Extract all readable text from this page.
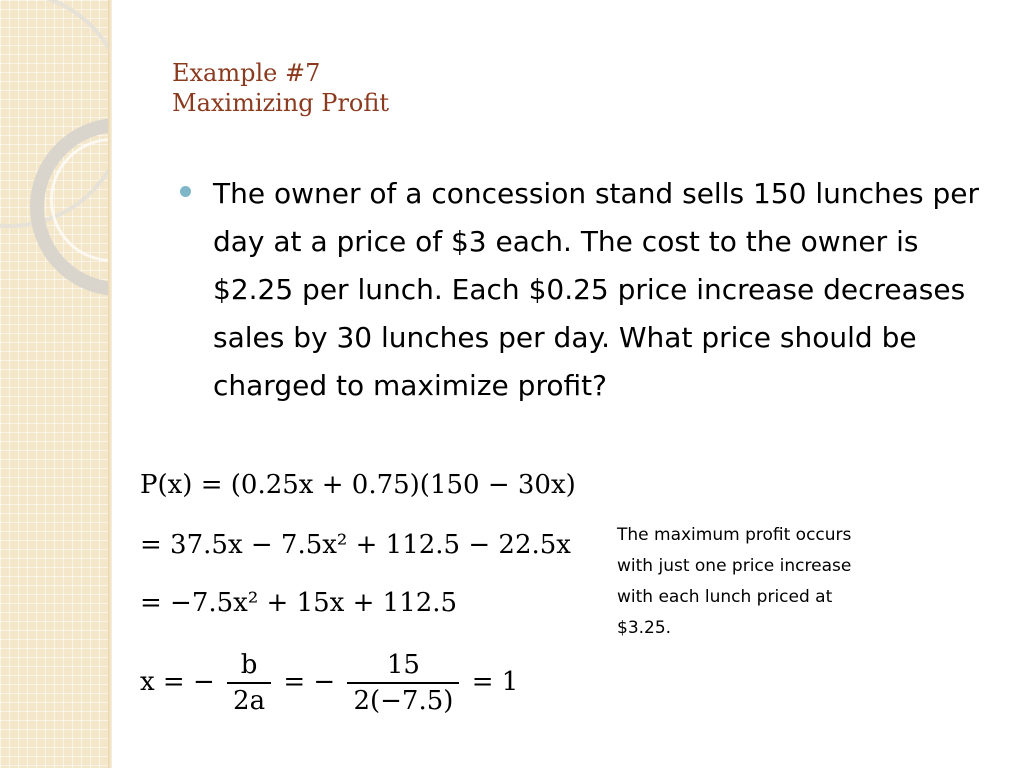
Example #7
Maximizing Profit

The owner of a concession stand sells 150 lunches per day at a price of $3 each. The cost to the owner is $2.25 per lunch. Each $0.25 price increase decreases sales by 30 lunches per day. What price should be charged to maximize profit?

P(x) = (0.25x + 0.75)(150 − 30x)

= 37.5x − 7.5x² + 112.5 − 22.5x

= −7.5x² + 15x + 112.5

x = − $\frac{b}{2a}$ = − $\frac{15}{2(-7.5)} = 1$

The maximum profit occurs with just one price increase with each lunch priced at $3.25.
